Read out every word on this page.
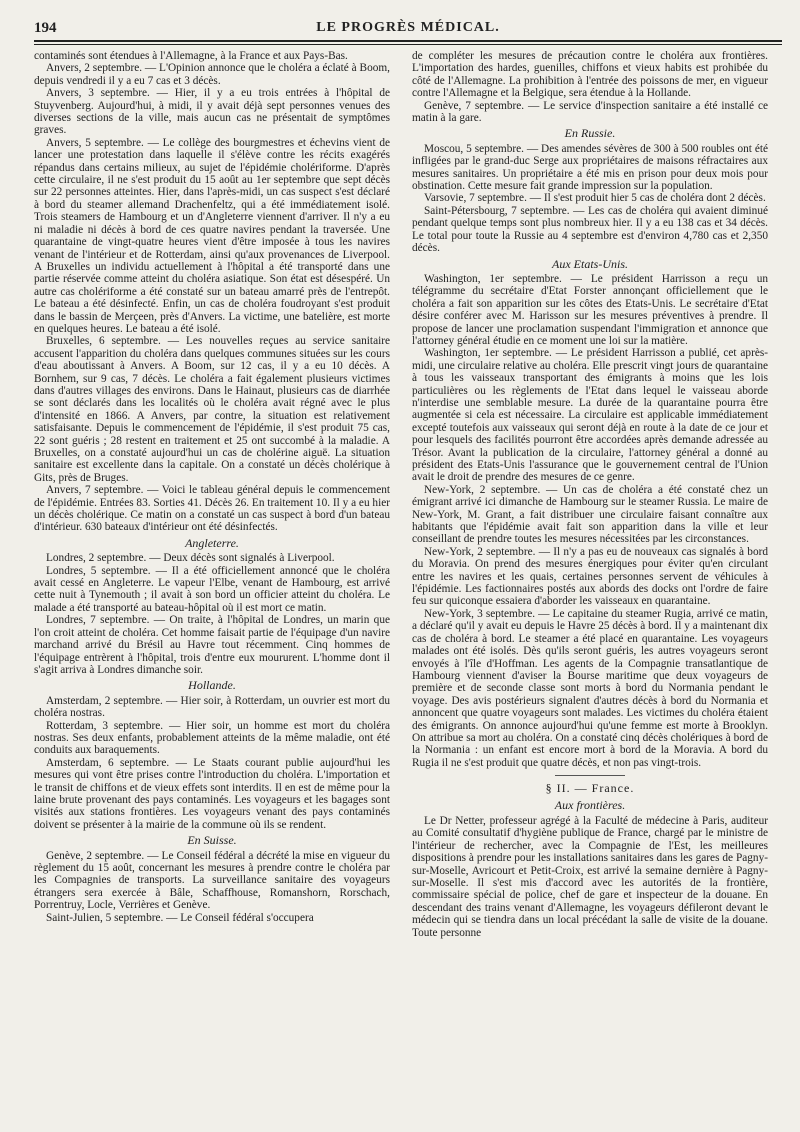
194	LE PROGRÈS MÉDICAL.

contaminés sont étendues à l'Allemagne, à la France et aux Pays-Bas.

Anvers, 2 septembre. — L'Opinion annonce que le choléra a éclaté à Boom, depuis vendredi il y a eu 7 cas et 3 décès.

Anvers, 3 septembre. — Hier, il y a eu trois entrées à l'hôpital de Stuyvenberg. Aujourd'hui, à midi, il y avait déjà sept personnes venues des diverses sections de la ville, mais aucun cas ne présentait de symptômes graves.

Anvers, 5 septembre. — Le collège des bourgmestres et échevins vient de lancer une protestation dans laquelle il s'élève contre les récits exagérés répandus dans certains milieux, au sujet de l'épidémie cholériforme. D'après cette circulaire, il ne s'est produit du 15 août au 1er septembre que sept décès sur 22 personnes atteintes. Hier, dans l'après-midi, un cas suspect s'est déclaré à bord du steamer allemand Drachenfeltz, qui a été immédiatement isolé. Trois steamers de Hambourg et un d'Angleterre viennent d'arriver. Il n'y a eu ni maladie ni décès à bord de ces quatre navires pendant la traversée. Une quarantaine de vingt-quatre heures vient d'être imposée à tous les navires venant de l'intérieur et de Rotterdam, ainsi qu'aux provenances de Liverpool. A Bruxelles un individu actuellement à l'hôpital a été transporté dans une partie réservée comme atteint du choléra asiatique. Son état est désespéré. Un autre cas cholériforme a été constaté sur un bateau amarré près de l'entrepôt. Le bateau a été désinfecté. Enfin, un cas de choléra foudroyant s'est produit dans le bassin de Merçeen, près d'Anvers. La victime, une batelière, est morte en quelques heures. Le bateau a été isolé.

Bruxelles, 6 septembre. — Les nouvelles reçues au service sanitaire accusent l'apparition du choléra dans quelques communes situées sur les cours d'eau aboutissant à Anvers. A Boom, sur 12 cas, il y a eu 10 décès. A Bornhem, sur 9 cas, 7 décès. Le choléra a fait également plusieurs victimes dans d'autres villages des environs. Dans le Hainaut, plusieurs cas de diarrhée se sont déclarés dans les localités où le choléra avait régné avec le plus d'intensité en 1866. A Anvers, par contre, la situation est relativement satisfaisante. Depuis le commencement de l'épidémie, il s'est produit 75 cas, 22 sont guéris ; 28 restent en traitement et 25 ont succombé à la maladie. A Bruxelles, on a constaté aujourd'hui un cas de cholérine aiguë. La situation sanitaire est excellente dans la capitale. On a constaté un décès cholérique à Gits, près de Bruges.

Anvers, 7 septembre. — Voici le tableau général depuis le commencement de l'épidémie. Entrées 83. Sorties 41. Décès 26. En traitement 10. Il y a eu hier un décès cholérique. Ce matin on a constaté un cas suspect à bord d'un bateau d'intérieur. 630 bateaux d'intérieur ont été désinfectés.

Angleterre.

Londres, 2 septembre. — Deux décès sont signalés à Liverpool.

Londres, 5 septembre. — Il a été officiellement annoncé que le choléra avait cessé en Angleterre. Le vapeur l'Elbe, venant de Hambourg, est arrivé cette nuit à Tynemouth ; il avait à son bord un officier atteint du choléra. Le malade a été transporté au bateau-hôpital où il est mort ce matin.

Londres, 7 septembre. — On traite, à l'hôpital de Londres, un marin que l'on croit atteint de choléra. Cet homme faisait partie de l'équipage d'un navire marchand arrivé du Brésil au Havre tout récemment. Cinq hommes de l'équipage entrèrent à l'hôpital, trois d'entre eux moururent. L'homme dont il s'agit arriva à Londres dimanche soir.

Hollande.

Amsterdam, 2 septembre. — Hier soir, à Rotterdam, un ouvrier est mort du choléra nostras.

Rotterdam, 3 septembre. — Hier soir, un homme est mort du choléra nostras. Ses deux enfants, probablement atteints de la même maladie, ont été conduits aux baraquements.

Amsterdam, 6 septembre. — Le Staats courant publie aujourd'hui les mesures qui vont être prises contre l'introduction du choléra. L'importation et le transit de chiffons et de vieux effets sont interdits. Il en est de même pour la laine brute provenant des pays contaminés. Les voyageurs et les bagages sont visités aux stations frontières. Les voyageurs venant des pays contaminés doivent se présenter à la mairie de la commune où ils se rendent.

En Suisse.

Genève, 2 septembre. — Le Conseil fédéral a décrété la mise en vigueur du règlement du 15 août, concernant les mesures à prendre contre le choléra par les Compagnies de transports. La surveillance sanitaire des voyageurs étrangers sera exercée à Bâle, Schaffhouse, Romanshorn, Rorschach, Porrentruy, Locle, Verrières et Genève.

Saint-Julien, 5 septembre. — Le Conseil fédéral s'occupera

de compléter les mesures de précaution contre le choléra aux frontières. L'importation des hardes, guenilles, chiffons et vieux habits est prohibée du côté de l'Allemagne. La prohibition à l'entrée des poissons de mer, en vigueur contre l'Allemagne et la Belgique, sera étendue à la Hollande.

Genève, 7 septembre. — Le service d'inspection sanitaire a été installé ce matin à la gare.

En Russie.

Moscou, 5 septembre. — Des amendes sévères de 300 à 500 roubles ont été infligées par le grand-duc Serge aux propriétaires de maisons réfractaires aux mesures sanitaires. Un propriétaire a été mis en prison pour deux mois pour obstination. Cette mesure fait grande impression sur la population.

Varsovie, 7 septembre. — Il s'est produit hier 5 cas de choléra dont 2 décès.

Saint-Pétersbourg, 7 septembre. — Les cas de choléra qui avaient diminué pendant quelque temps sont plus nombreux hier. Il y a eu 138 cas et 34 décès. Le total pour toute la Russie au 4 septembre est d'environ 4,780 cas et 2,350 décès.

Aux Etats-Unis.

Washington, 1er septembre. — Le président Harrisson a reçu un télégramme du secrétaire d'Etat Forster annonçant officiellement que le choléra a fait son apparition sur les côtes des Etats-Unis. Le secrétaire d'Etat désire conférer avec M. Harisson sur les mesures préventives à prendre. Il propose de lancer une proclamation suspendant l'immigration et annonce que l'attorney général étudie en ce moment une loi sur la matière.

Washington, 1er septembre. — Le président Harrisson a publié, cet après-midi, une circulaire relative au choléra. Elle prescrit vingt jours de quarantaine à tous les vaisseaux transportant des émigrants à moins que les lois particulières ou les règlements de l'Etat dans lequel le vaisseau aborde n'interdise une semblable mesure. La durée de la quarantaine pourra être augmentée si cela est nécessaire. La circulaire est applicable immédiatement excepté toutefois aux vaisseaux qui seront déjà en route à la date de ce jour et pour lesquels des facilités pourront être accordées après demande adressée au Trésor. Avant la publication de la circulaire, l'attorney général a donné au président des Etats-Unis l'assurance que le gouvernement central de l'Union avait le droit de prendre des mesures de ce genre.

New-York, 2 septembre. — Un cas de choléra a été constaté chez un émigrant arrivé ici dimanche de Hambourg sur le steamer Russia. Le maire de New-York, M. Grant, a fait distribuer une circulaire faisant connaître aux habitants que l'épidémie avait fait son apparition dans la ville et leur conseillant de prendre toutes les mesures nécessitées par les circonstances.

New-York, 2 septembre. — Il n'y a pas eu de nouveaux cas signalés à bord du Moravia. On prend des mesures énergiques pour éviter qu'en circulant entre les navires et les quais, certaines personnes servent de véhicules à l'épidémie. Les factionnaires postés aux abords des docks ont l'ordre de faire feu sur quiconque essaiera d'aborder les vaisseaux en quarantaine.

New-York, 3 septembre. — Le capitaine du steamer Rugia, arrivé ce matin, a déclaré qu'il y avait eu depuis le Havre 25 décès à bord. Il y a maintenant dix cas de choléra à bord. Le steamer a été placé en quarantaine. Les voyageurs malades ont été isolés. Dès qu'ils seront guéris, les autres voyageurs seront envoyés à l'île d'Hoffman. Les agents de la Compagnie transatlantique de Hambourg viennent d'aviser la Bourse maritime que deux voyageurs de première et de seconde classe sont morts à bord du Normania pendant le voyage. Des avis postérieurs signalent d'autres décès à bord du Normania et annoncent que quatre voyageurs sont malades. Les victimes du choléra étaient des émigrants. On annonce aujourd'hui qu'une femme est morte à Brooklyn. On attribue sa mort au choléra. On a constaté cinq décès cholériques à bord de la Normania : un enfant est encore mort à bord de la Moravia. A bord du Rugia il ne s'est produit que quatre décès, et non pas vingt-trois.

§ II. — France.
Aux frontières.

Le Dr Netter, professeur agrégé à la Faculté de médecine à Paris, auditeur au Comité consultatif d'hygiène publique de France, chargé par le ministre de l'intérieur de rechercher, avec la Compagnie de l'Est, les meilleures dispositions à prendre pour les installations sanitaires dans les gares de Pagny-sur-Moselle, Avricourt et Petit-Croix, est arrivé la semaine dernière à Pagny-sur-Moselle. Il s'est mis d'accord avec les autorités de la frontière, commissaire spécial de police, chef de gare et inspecteur de la douane. En descendant des trains venant d'Allemagne, les voyageurs défileront devant le médecin qui se tiendra dans un local précédant la salle de visite de la douane. Toute personne
